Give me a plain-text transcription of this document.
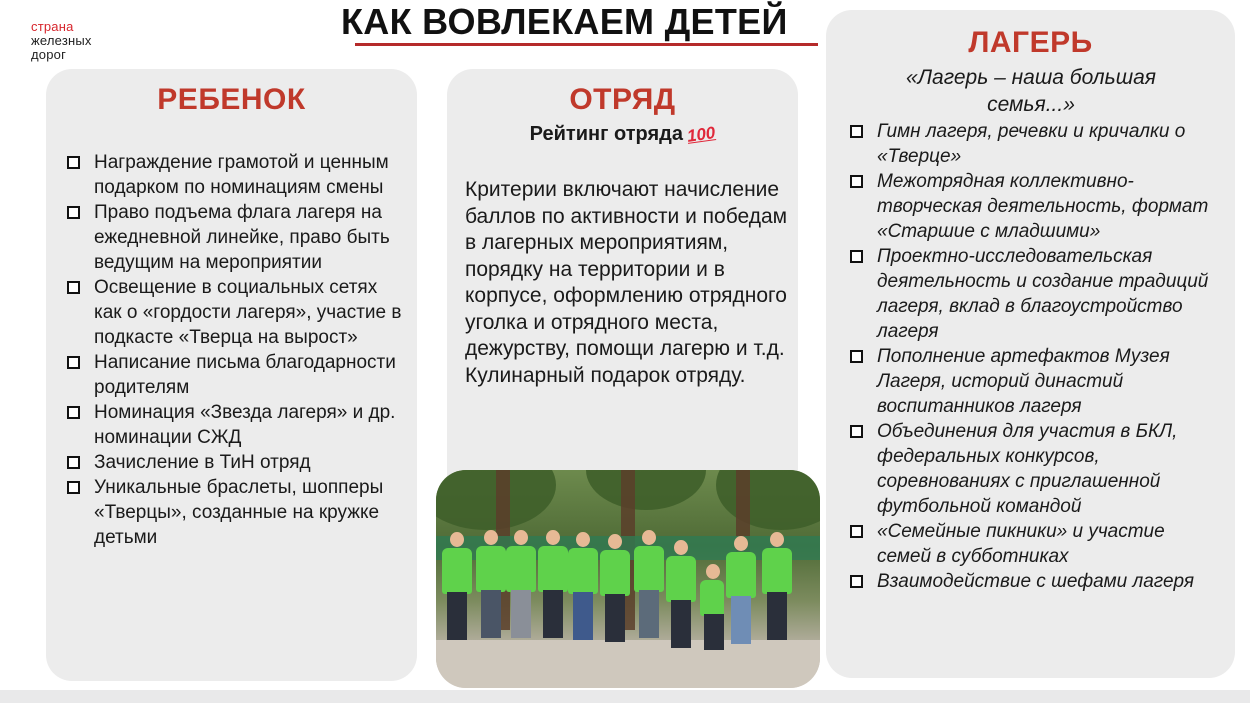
страна
железных
дорог
КАК ВОВЛЕКАЕМ ДЕТЕЙ
РЕБЕНОК
Награждение грамотой и ценным подарком по номинациям смены
Право подъема флага лагеря на ежедневной линейке, право быть ведущим на мероприятии
Освещение в социальных сетях как о «гордости лагеря», участие в подкасте «Тверца на вырост»
Написание письма благодарности родителям
Номинация «Звезда лагеря» и др. номинации СЖД
Зачисление в ТиН отряд
Уникальные браслеты, шопперы «Тверцы», созданные на кружке детьми
ОТРЯД
Рейтинг отряда 100
Критерии включают начисление баллов по активности и победам в лагерных мероприятиям, порядку на территории и в корпусе, оформлению отрядного уголка и отрядного места, дежурству, помощи лагерю и т.д. Кулинарный подарок отряду.
ЛАГЕРЬ
«Лагерь – наша большая семья...»
Гимн лагеря, речевки и кричалки о «Тверце»
Межотрядная коллективно-творческая деятельность, формат «Старшие с младшими»
Проектно-исследовательская деятельность и создание традиций лагеря, вклад в благоустройство лагеря
Пополнение артефактов Музея Лагеря, историй династий воспитанников лагеря
Объединения для участия в БКЛ, федеральных конкурсов, соревнованиях с приглашенной футбольной командой
«Семейные пикники» и участие семей в субботниках
Взаимодействие с шефами лагеря
